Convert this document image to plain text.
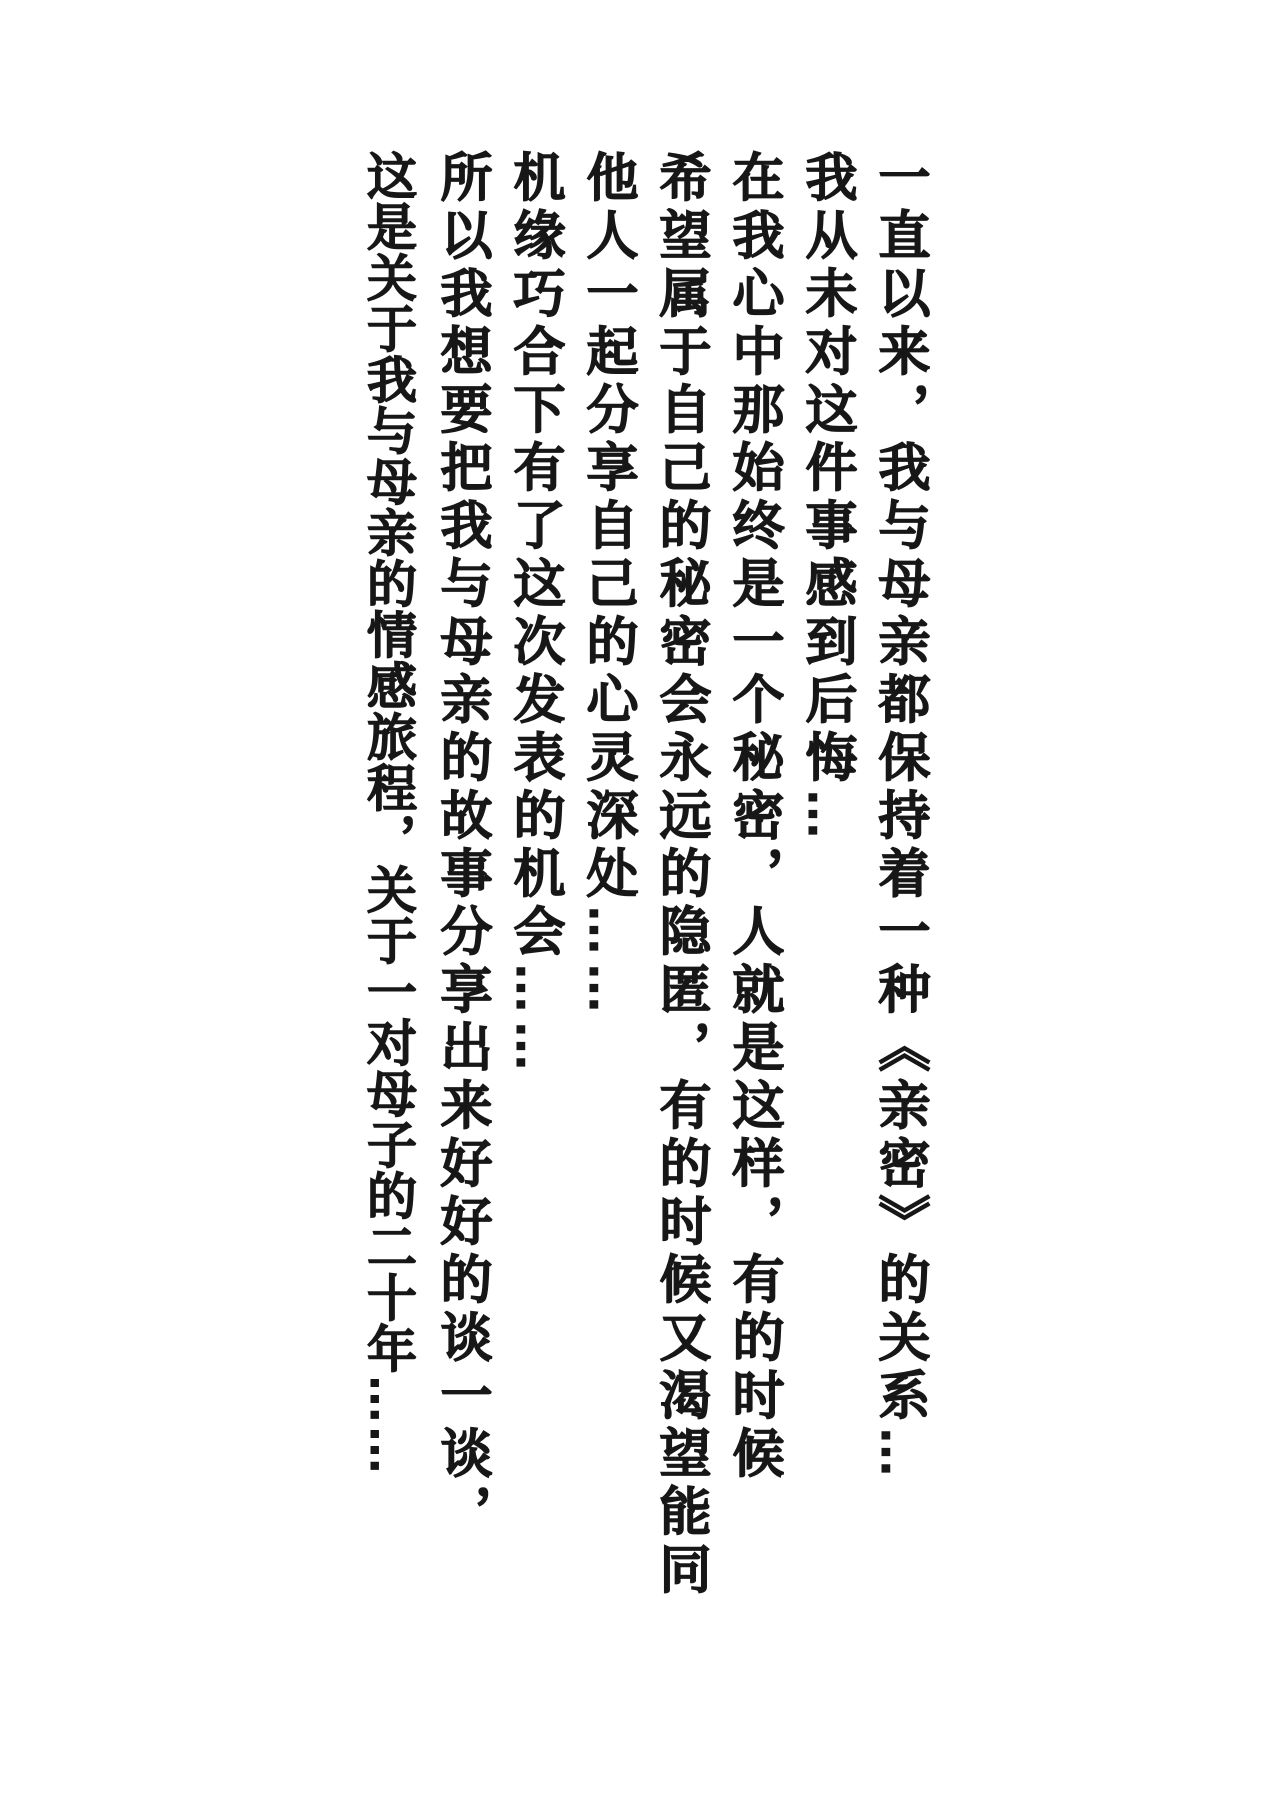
一直以来，我与母亲都保持着一种《亲密》的关系…
我从未对这件事感到后悔…
在我心中那始终是一个秘密，人就是这样，有的时候
希望属于自己的秘密会永远的隐匿，有的时候又渴望能同
他人一起分享自己的心灵深处……
机缘巧合下有了这次发表的机会……
所以我想要把我与母亲的故事分享出来好好的谈一谈，
这是关于我与母亲的情感旅程，关于一对母子的二十年……
